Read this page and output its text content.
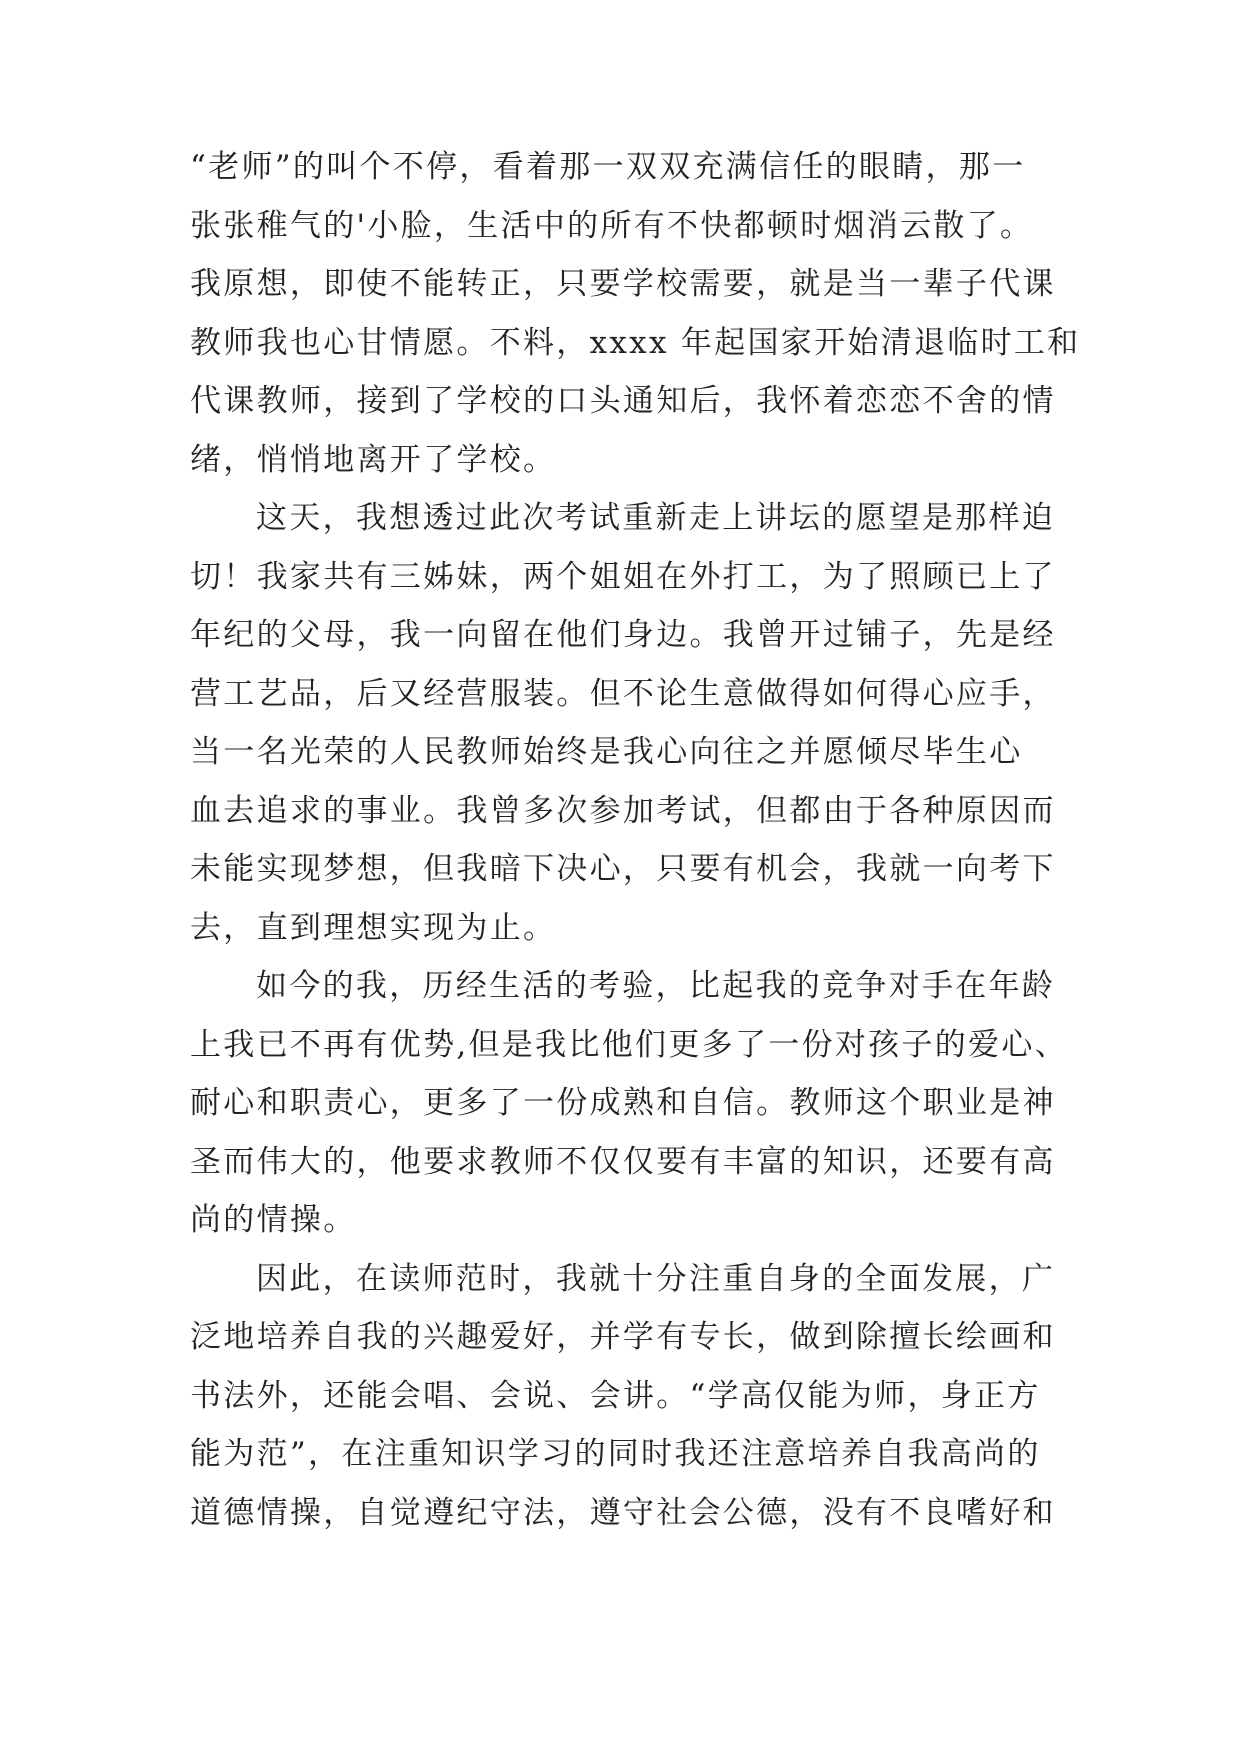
“老师”的叫个不停，看着那一双双充满信任的眼睛，那一
张张稚气的'小脸，生活中的所有不快都顿时烟消云散了。
我原想，即使不能转正，只要学校需要，就是当一辈子代课
教师我也心甘情愿。不料，xxxx 年起国家开始清退临时工和
代课教师，接到了学校的口头通知后，我怀着恋恋不舍的情
绪，悄悄地离开了学校。
这天，我想透过此次考试重新走上讲坛的愿望是那样迫
切！我家共有三姊妹，两个姐姐在外打工，为了照顾已上了
年纪的父母，我一向留在他们身边。我曾开过铺子，先是经
营工艺品，后又经营服装。但不论生意做得如何得心应手，
当一名光荣的人民教师始终是我心向往之并愿倾尽毕生心
血去追求的事业。我曾多次参加考试，但都由于各种原因而
未能实现梦想，但我暗下决心，只要有机会，我就一向考下
去，直到理想实现为止。
如今的我，历经生活的考验，比起我的竞争对手在年龄
上我已不再有优势,但是我比他们更多了一份对孩子的爱心、
耐心和职责心，更多了一份成熟和自信。教师这个职业是神
圣而伟大的，他要求教师不仅仅要有丰富的知识，还要有高
尚的情操。
因此，在读师范时，我就十分注重自身的全面发展，广
泛地培养自我的兴趣爱好，并学有专长，做到除擅长绘画和
书法外，还能会唱、会说、会讲。“学高仅能为师，身正方
能为范”，在注重知识学习的同时我还注意培养自我高尚的
道德情操，自觉遵纪守法，遵守社会公德，没有不良嗜好和
